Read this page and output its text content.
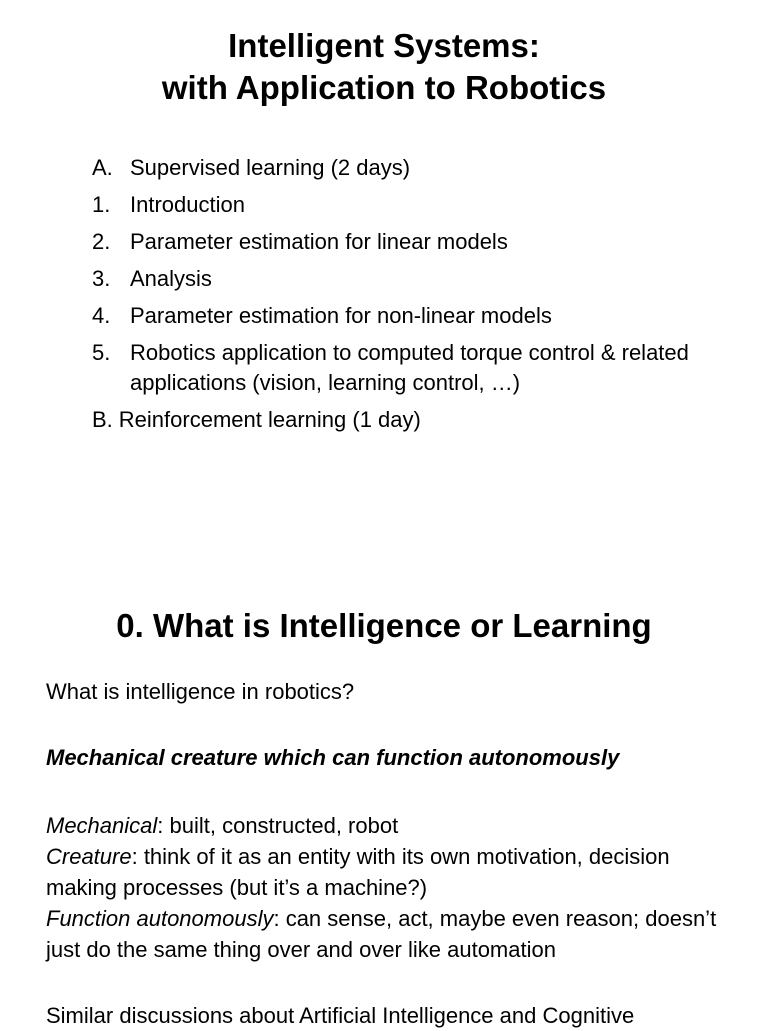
Intelligent Systems:
with Application to Robotics
A. Supervised learning (2 days)
1. Introduction
2. Parameter estimation for linear models
3. Analysis
4. Parameter estimation for non-linear models
5. Robotics application to computed torque control & related applications (vision, learning control, …)
B. Reinforcement learning (1 day)
0. What is Intelligence or Learning
What is intelligence in robotics?
Mechanical creature which can function autonomously
Mechanical: built, constructed, robot
Creature: think of it as an entity with its own motivation, decision making processes (but it’s a machine?)
Function autonomously: can sense, act, maybe even reason; doesn’t just do the same thing over and over like automation
Similar discussions about Artificial Intelligence and Cognitive
